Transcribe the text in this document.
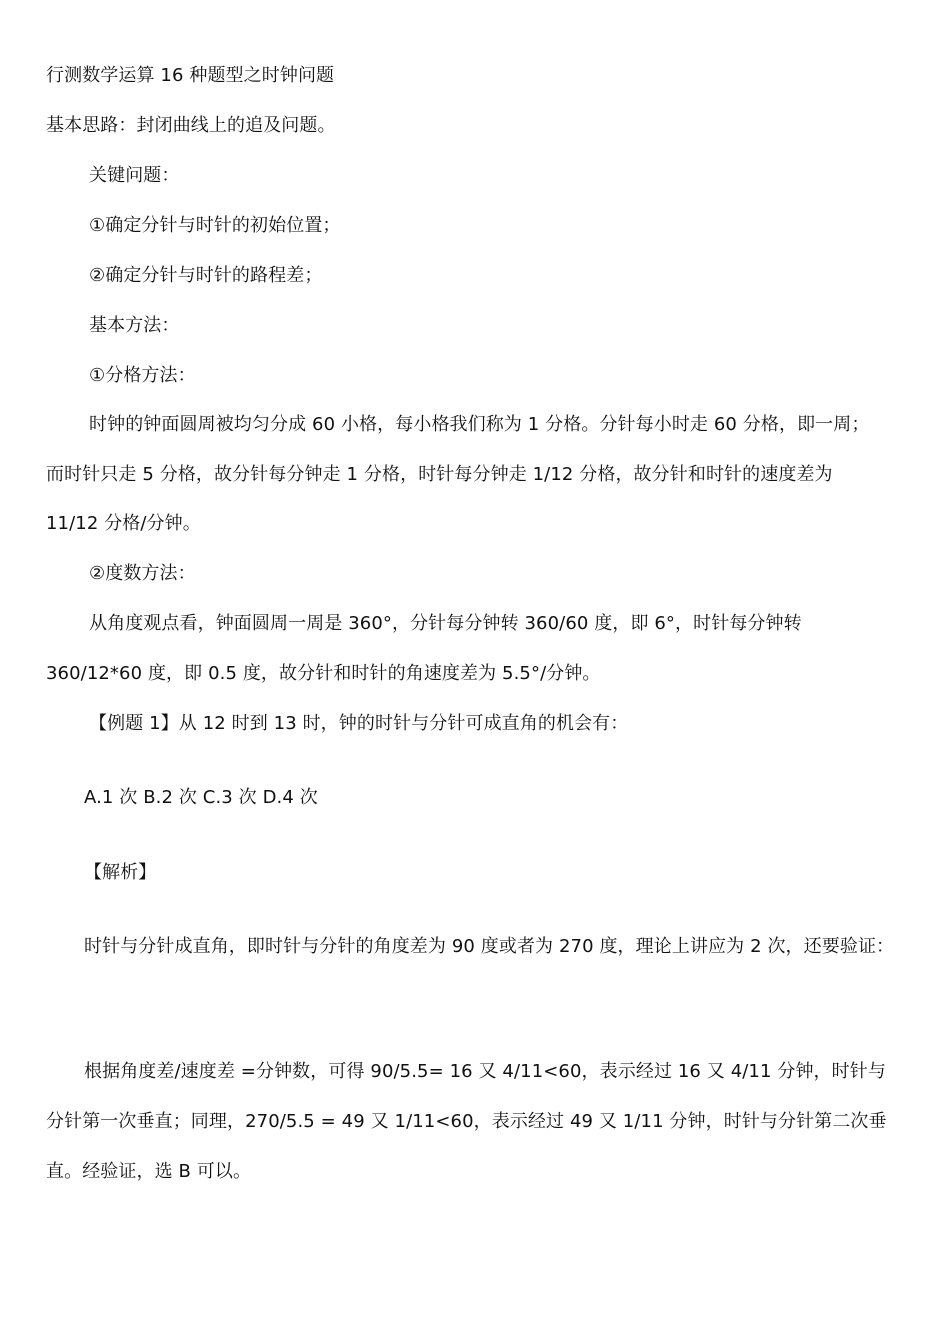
行测数学运算 16 种题型之时钟问题
基本思路：封闭曲线上的追及问题。
关键问题：
①确定分针与时针的初始位置；
②确定分针与时针的路程差；
基本方法：
①分格方法：
时钟的钟面圆周被均匀分成 60 小格，每小格我们称为 1 分格。分针每小时走 60 分格，即一周；
而时针只走 5 分格，故分针每分钟走 1 分格，时针每分钟走 1/12 分格，故分针和时针的速度差为
11/12 分格/分钟。
②度数方法：
从角度观点看，钟面圆周一周是 360°，分针每分钟转 360/60 度，即 6°，时针每分钟转
360/12*60 度，即 0.5 度，故分针和时针的角速度差为 5.5°/分钟。
【例题 1】从 12 时到 13 时，钟的时针与分针可成直角的机会有：
A.1 次 B.2 次 C.3 次 D.4 次
【解析】
时针与分针成直角，即时针与分针的角度差为 90 度或者为 270 度，理论上讲应为 2 次，还要验证：
根据角度差/速度差 =分钟数，可得 90/5.5= 16 又 4/11<60，表示经过 16 又 4/11 分钟，时针与
分针第一次垂直；同理，270/5.5 = 49 又 1/11<60，表示经过 49 又 1/11 分钟，时针与分针第二次垂
直。经验证，选 B 可以。
